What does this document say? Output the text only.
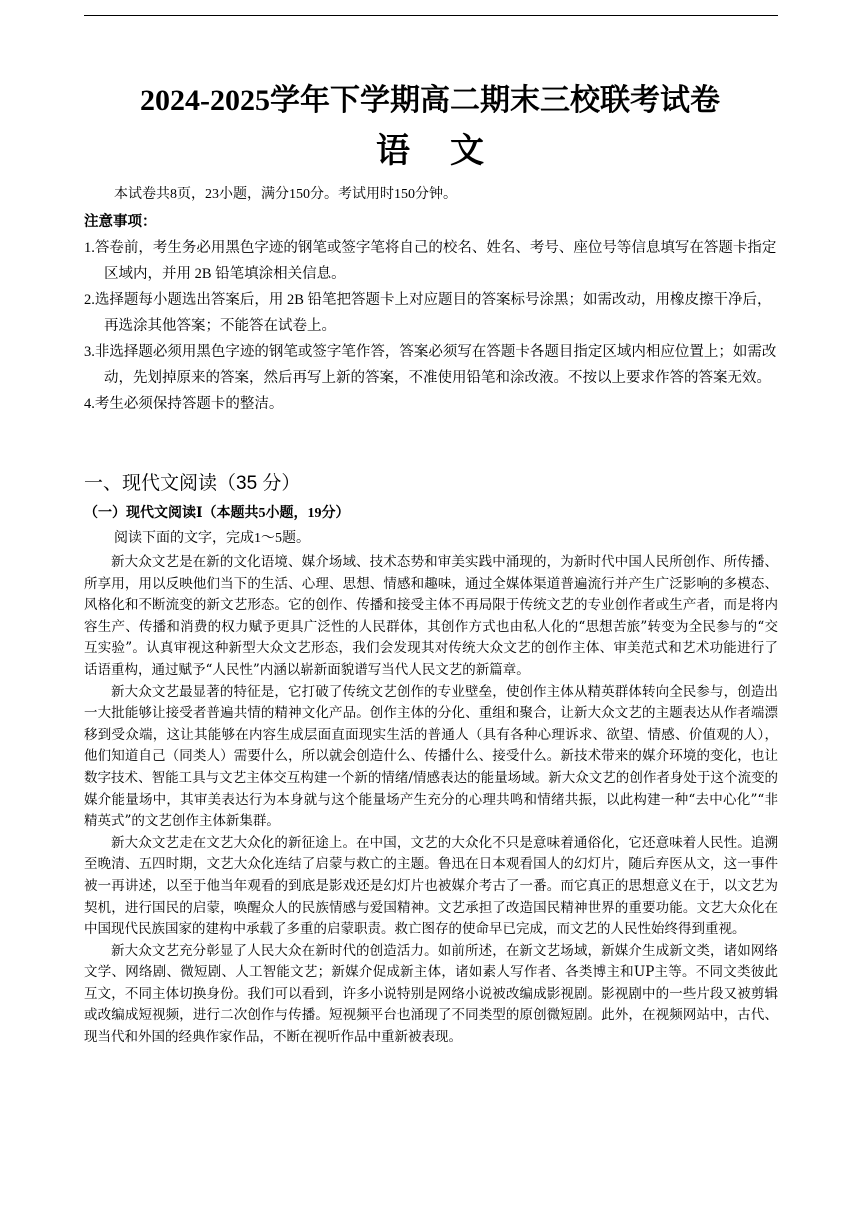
2024-2025学年下学期高二期末三校联考试卷
语文
本试卷共8页，23小题，满分150分。考试用时150分钟。
注意事项：
1.答卷前，考生务必用黑色字迹的钢笔或签字笔将自己的校名、姓名、考号、座位号等信息填写在答题卡指定区域内，并用 2B 铅笔填涂相关信息。
2.选择题每小题选出答案后，用 2B 铅笔把答题卡上对应题目的答案标号涂黑；如需改动，用橡皮擦干净后，再选涂其他答案；不能答在试卷上。
3.非选择题必须用黑色字迹的钢笔或签字笔作答，答案必须写在答题卡各题目指定区域内相应位置上；如需改动，先划掉原来的答案，然后再写上新的答案，不准使用铅笔和涂改液。不按以上要求作答的答案无效。
4.考生必须保持答题卡的整洁。
一、现代文阅读（35 分）
（一）现代文阅读Ⅰ（本题共5小题，19分）
阅读下面的文字，完成1～5题。

新大众文艺是在新的文化语境、媒介场域、技术态势和审美实践中涌现的，为新时代中国人民所创作、所传播、所享用，用以反映他们当下的生活、心理、思想、情感和趣味，通过全媒体渠道普遍流行并产生广泛影响的多模态、风格化和不断流变的新文艺形态。它的创作、传播和接受主体不再局限于传统文艺的专业创作者或生产者，而是将内容生产、传播和消费的权力赋予更具广泛性的人民群体，其创作方式也由私人化的“思想苦旅”转变为全民参与的“交互实验”。认真审视这种新型大众文艺形态，我们会发现其对传统大众文艺的创作主体、审美范式和艺术功能进行了话语重构，通过赋予“人民性”内涵以崭新面貌谱写当代人民文艺的新篇章。

新大众文艺最显著的特征是，它打破了传统文艺创作的专业壁垒，使创作主体从精英群体转向全民参与，创造出一大批能够让接受者普遍共情的精神文化产品。创作主体的分化、重组和聚合，让新大众文艺的主题表达从作者端漂移到受众端，这让其能够在内容生成层面直面现实生活的普通人（具有各种心理诉求、欲望、情感、价值观的人），他们知道自己（同类人）需要什么，所以就会创造什么、传播什么、接受什么。新技术带来的媒介环境的变化，也让数字技术、智能工具与文艺主体交互构建一个新的情绪/情感表达的能量场域。新大众文艺的创作者身处于这个流变的媒介能量场中，其审美表达行为本身就与这个能量场产生充分的心理共鸣和情绪共振，以此构建一种“去中心化”“非精英式”的文艺创作主体新集群。

新大众文艺走在文艺大众化的新征途上。在中国，文艺的大众化不只是意味着通俗化，它还意味着人民性。追溯至晚清、五四时期，文艺大众化连结了启蒙与救亡的主题。鲁迅在日本观看国人的幻灯片，随后弃医从文，这一事件被一再讲述，以至于他当年观看的到底是影戏还是幻灯片也被媒介考古了一番。而它真正的思想意义在于，以文艺为契机，进行国民的启蒙，唤醒众人的民族情感与爱国精神。文艺承担了改造国民精神世界的重要功能。文艺大众化在中国现代民族国家的建构中承载了多重的启蒙职责。救亡图存的使命早已完成，而文艺的人民性始终得到重视。

新大众文艺充分彰显了人民大众在新时代的创造活力。如前所述，在新文艺场域，新媒介生成新文类，诸如网络文学、网络剧、微短剧、人工智能文艺；新媒介促成新主体，诸如素人写作者、各类博主和UP主等。不同文类彼此互文，不同主体切换身份。我们可以看到，许多小说特别是网络小说被改编成影视剧。影视剧中的一些片段又被剪辑或改编成短视频，进行二次创作与传播。短视频平台也涌现了不同类型的原创微短剧。此外，在视频网站中，古代、现当代和外国的经典作家作品，不断在视听作品中重新被表现。
